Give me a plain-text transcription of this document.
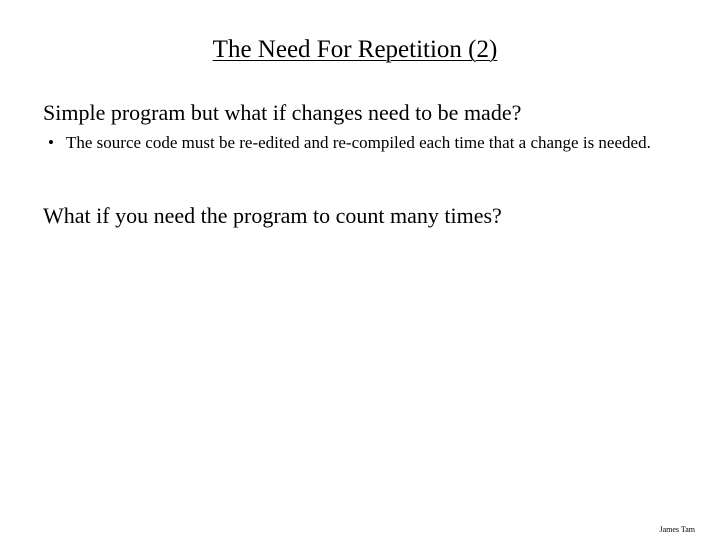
The Need For Repetition (2)
Simple program but what if changes need to be made?
• The source code must be re-edited and re-compiled each time that a change is needed.
What if you need the program to count many times?
James Tam
